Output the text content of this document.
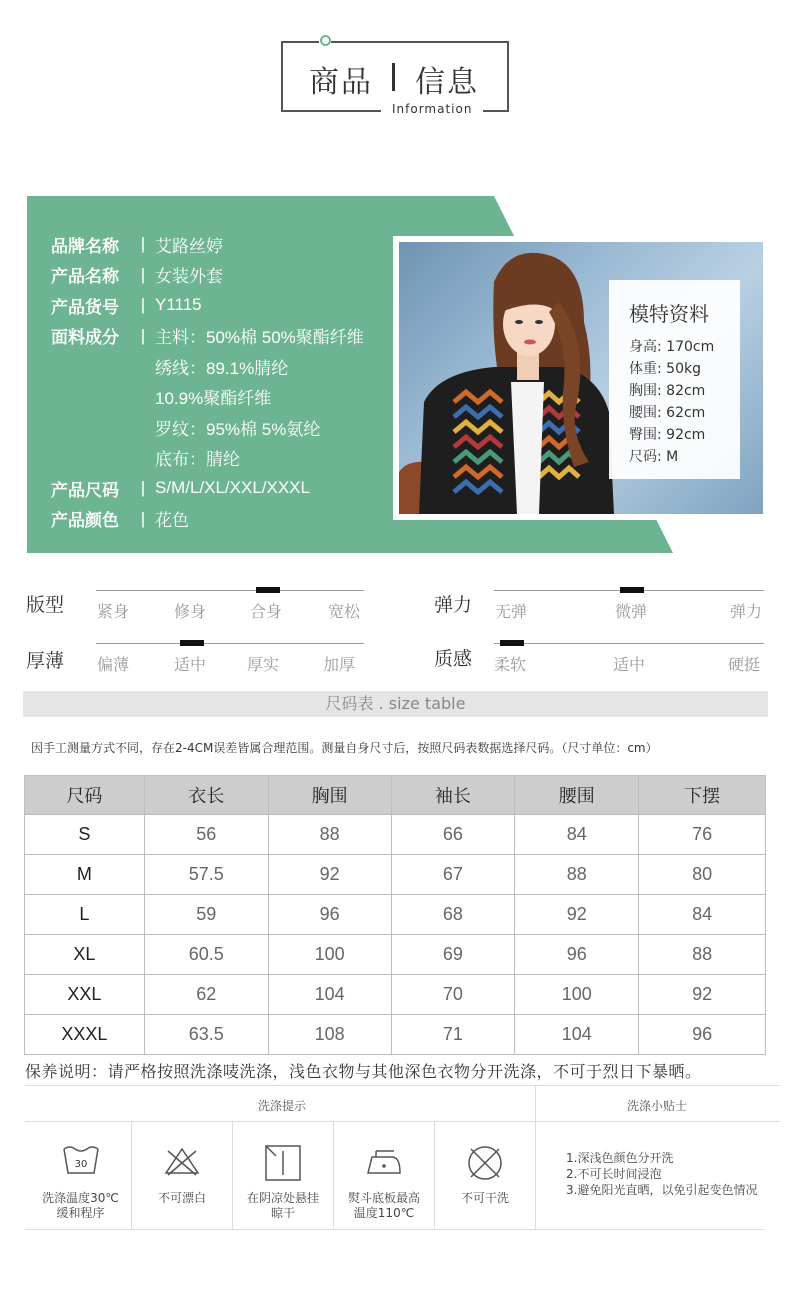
商品 信息
Information
品牌名称	| 艾路丝婷
产品名称	| 女装外套
产品货号	| Y1115
面料成分	| 主料：50%棉 50%聚酯纤维
绣线：89.1%腈纶
10.9%聚酯纤维
罗纹：95%棉 5%氨纶
底布：腈纶
产品尺码	| S/M/L/XL/XXL/XXXL
产品颜色	| 花色
模特资料
身高: 170cm
体重: 50kg
胸围: 82cm
腰围: 62cm
臀围: 92cm
尺码: M
版型 紧身	修身	合身	宽松	弹力 无弹	微弹	弹力
厚薄 偏薄	适中	厚实	加厚	质感 柔软	适中	硬挺
尺码表 . size table
因手工测量方式不同，存在2-4CM误差皆属合理范围。测量自身尺寸后，按照尺码表数据选择尺码。（尺寸单位：cm）
尺码	衣长	胸围	袖长	腰围	下摆
S	56	88	66	84	76
M	57.5	92	67	88	80
L	59	96	68	92	84
XL	60.5	100	69	96	88
XXL	62	104	70	100	92
XXXL	63.5	108	71	104	96
保养说明：请严格按照洗涤唛洗涤，浅色衣物与其他深色衣物分开洗涤，不可于烈日下暴晒。
洗涤提示	洗涤小贴士
30
洗涤温度30℃
缓和程序
不可漂白	在阴凉处悬挂
晾干
熨斗底板最高
温度110℃
不可干洗
1.深浅色颜色分开洗
2.不可长时间浸泡
3.避免阳光直晒，以免引起变色情况
